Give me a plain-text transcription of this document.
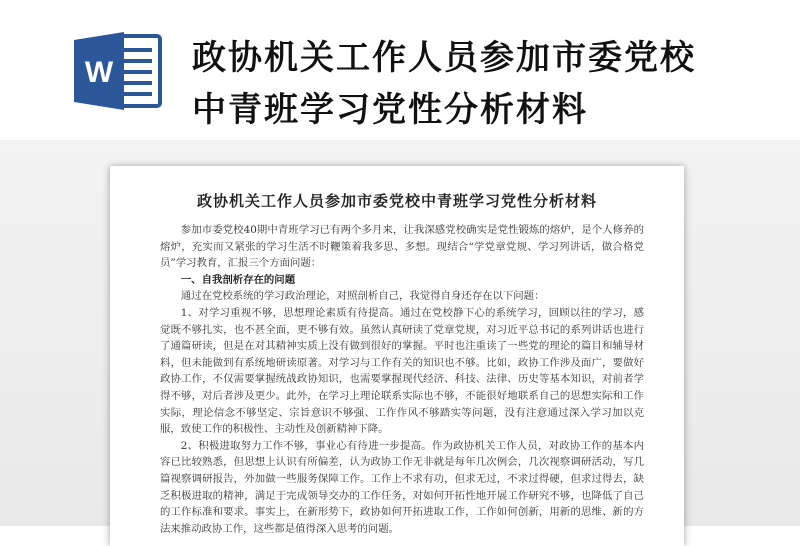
W 政协机关工作人员参加市委党校
中青班学习党性分析材料
政协机关工作人员参加市委党校中青班学习党性分析材料

参加市委党校40期中青班学习已有两个多月来，让我深感党校确实是党性锻炼的熔炉，是个人修养的熔炉，充实而又紧张的学习生活不时鞭策着我多思、多想。现结合“学党章党规、学习列讲话，做合格党员”学习教育，汇报三个方面问题：

一、自我剖析存在的问题

通过在党校系统的学习政治理论，对照剖析自己，我觉得自身还存在以下问题：

1、对学习重视不够，思想理论素质有待提高。通过在党校静下心的系统学习，回顾以往的学习，感觉既不够扎实，也不甚全面，更不够有效。虽然认真研读了党章党规，对习近平总书记的系列讲话也进行了通篇研读，但是在对其精神实质上没有做到很好的掌握。平时也注重读了一些党的理论的篇目和辅导材料，但未能做到有系统地研读原著。对学习与工作有关的知识也不够。比如，政协工作涉及面广，要做好政协工作，不仅需要掌握统战政协知识，也需要掌握现代经济、科技、法律、历史等基本知识，对前者学得不够，对后者涉及更少。此外，在学习上理论联系实际也不够，不能很好地联系自己的思想实际和工作实际，理论信念不够坚定、宗旨意识不够强、工作作风不够踏实等问题，没有注意通过深入学习加以克服，致使工作的积极性、主动性及创新精神下降。

2、积极进取努力工作不够，事业心有待进一步提高。作为政协机关工作人员，对政协工作的基本内容已比较熟悉，但思想上认识有所偏差，认为政协工作无非就是每年几次例会，几次视察调研活动，写几篇视察调研报告，外加做一些服务保障工作。工作上不求有功，但求无过，不求过得硬，但求过得去，缺乏积极进取的精神，满足于完成领导交办的工作任务，对如何开拓性地开展工作研究不够，也降低了自己的工作标准和要求。事实上，在新形势下，政协如何开拓进取工作，工作如何创新，用新的思维、新的方法来推动政协工作，这些都是值得深入思考的问题。
